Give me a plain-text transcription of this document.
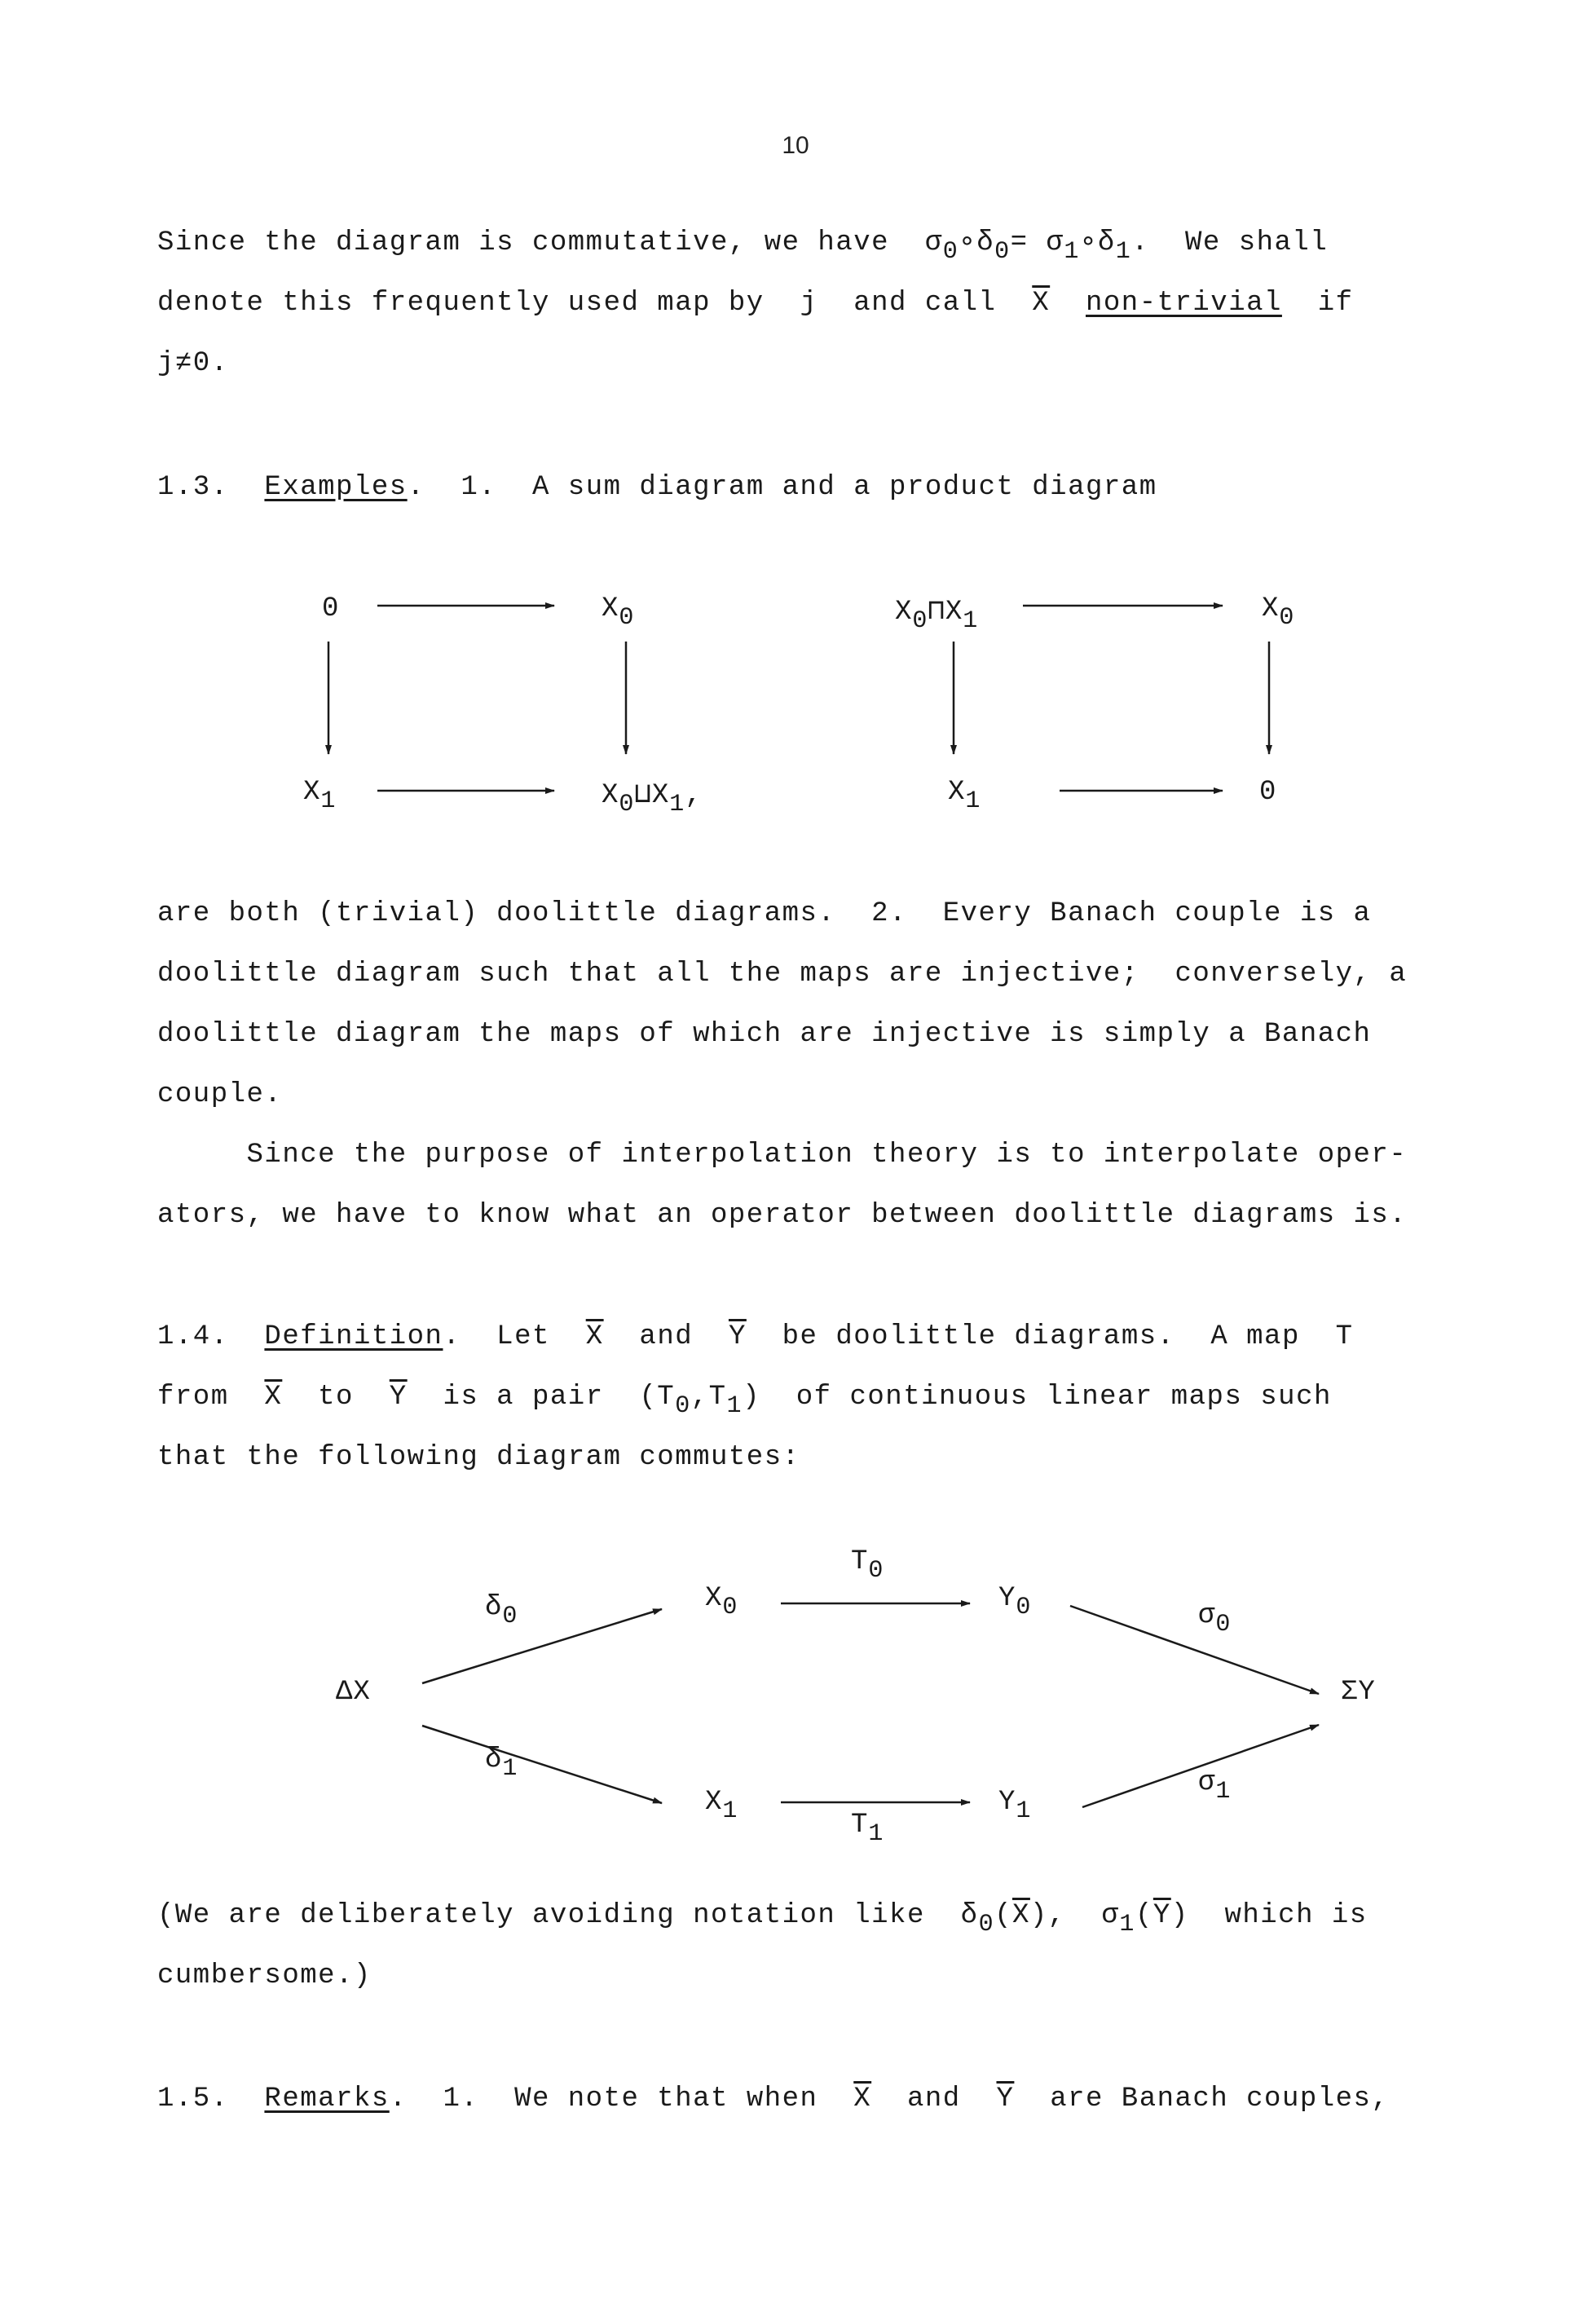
10
Since the diagram is commutative, we have  σ0∘δ0= σ1∘δ1.  We shall
denote this frequently used map by  j  and call  $\overline{X}$ non-trivial  if
j≠0.
1.3.  Examples.  1.  A sum diagram and a product diagram
0	X0
X1	X0⊔X1,
X0⊓X1	X0
X1	0
are both (trivial) doolittle diagrams.  2.  Every Banach couple is a
doolittle diagram such that all the maps are injective;  conversely, a
doolittle diagram the maps of which are injective is simply a Banach
couple.
Since the purpose of interpolation theory is to interpolate oper-
ators, we have to know what an operator between doolittle diagrams is.
1.4.  Definition.  Let  $\overline{X}$  and  $\overline{Y}$  be doolittle diagrams.  A map  T
from  $\overline{X}$  to  $\overline{Y}$  is a pair  (T0,T1)  of continuous linear maps such
that the following diagram commutes:
ΔX
X0
X1
Y0
Y1
ΣY
T0
T1
δ0
δ1
σ0
σ1
(We are deliberately avoiding notation like  $\delta 0(\overline{X})$,  $\sigma 1(\overline{Y})$  which is
cumbersome.)
1.5.  Remarks.  1.  We note that when  $\overline{X}$  and  $\overline{Y}$  are Banach couples,
